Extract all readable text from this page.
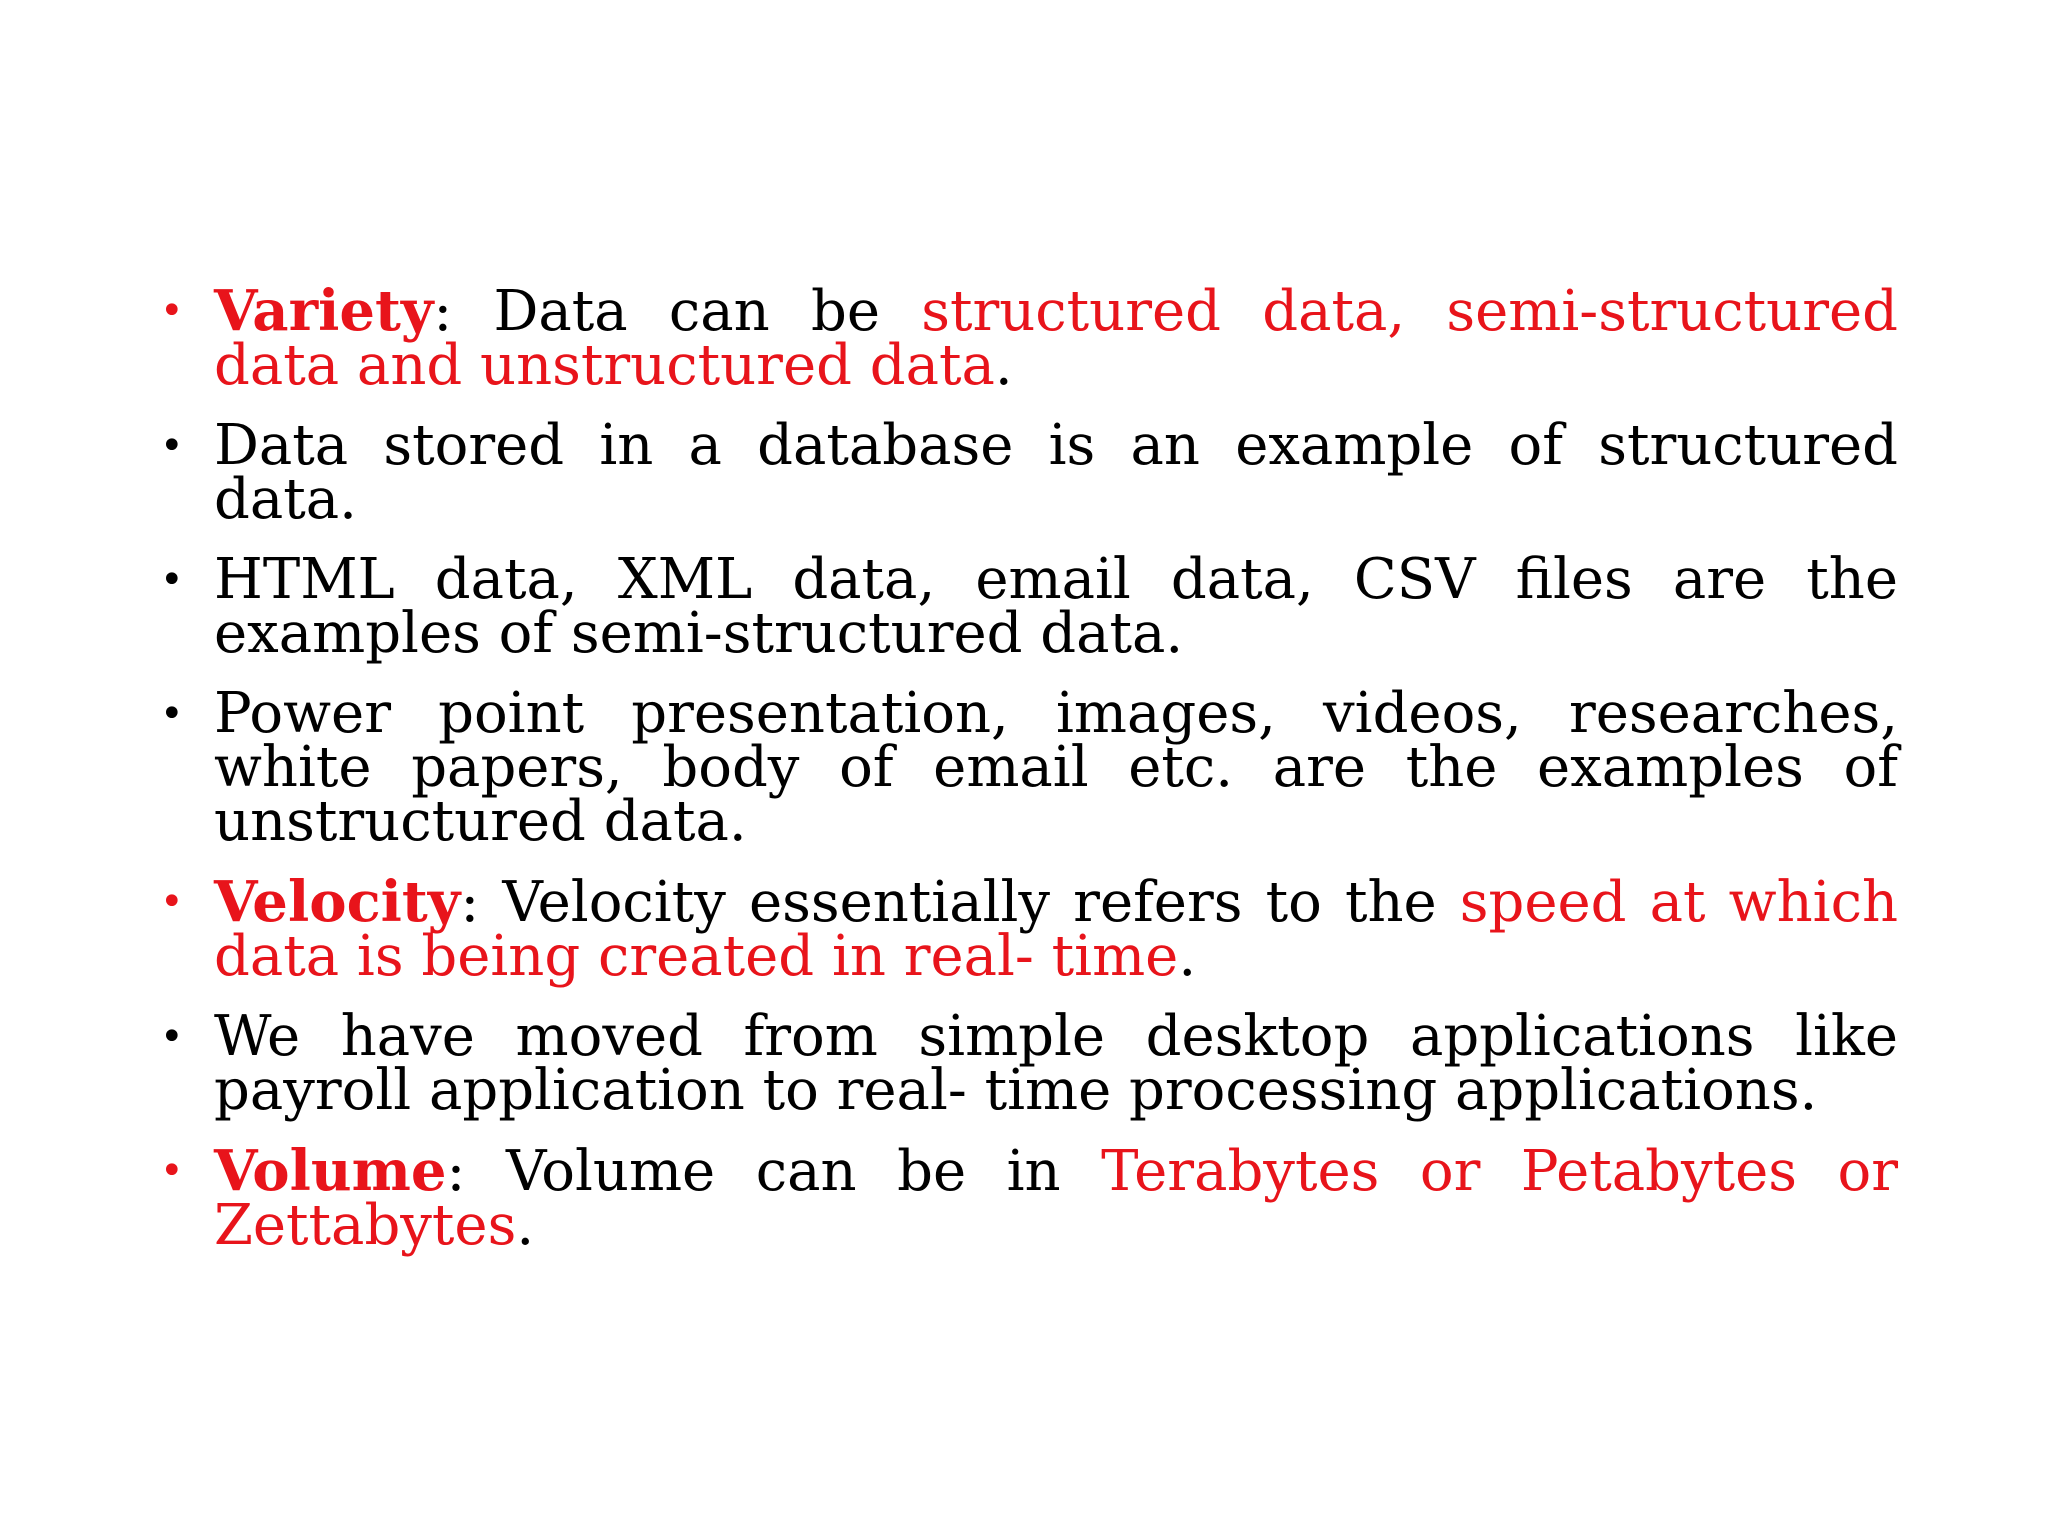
• Variety: Data can be structured data, semi-structured data and unstructured data.
• Data stored in a database is an example of structured data.
• HTML data, XML data, email data, CSV files are the examples of semi-structured data.
• Power point presentation, images, videos, researches, white papers, body of email etc. are the examples of unstructured data.
• Velocity: Velocity essentially refers to the speed at which data is being created in real- time.
• We have moved from simple desktop applications like payroll application to real- time processing applications.
• Volume: Volume can be in Terabytes or Petabytes or Zettabytes.
